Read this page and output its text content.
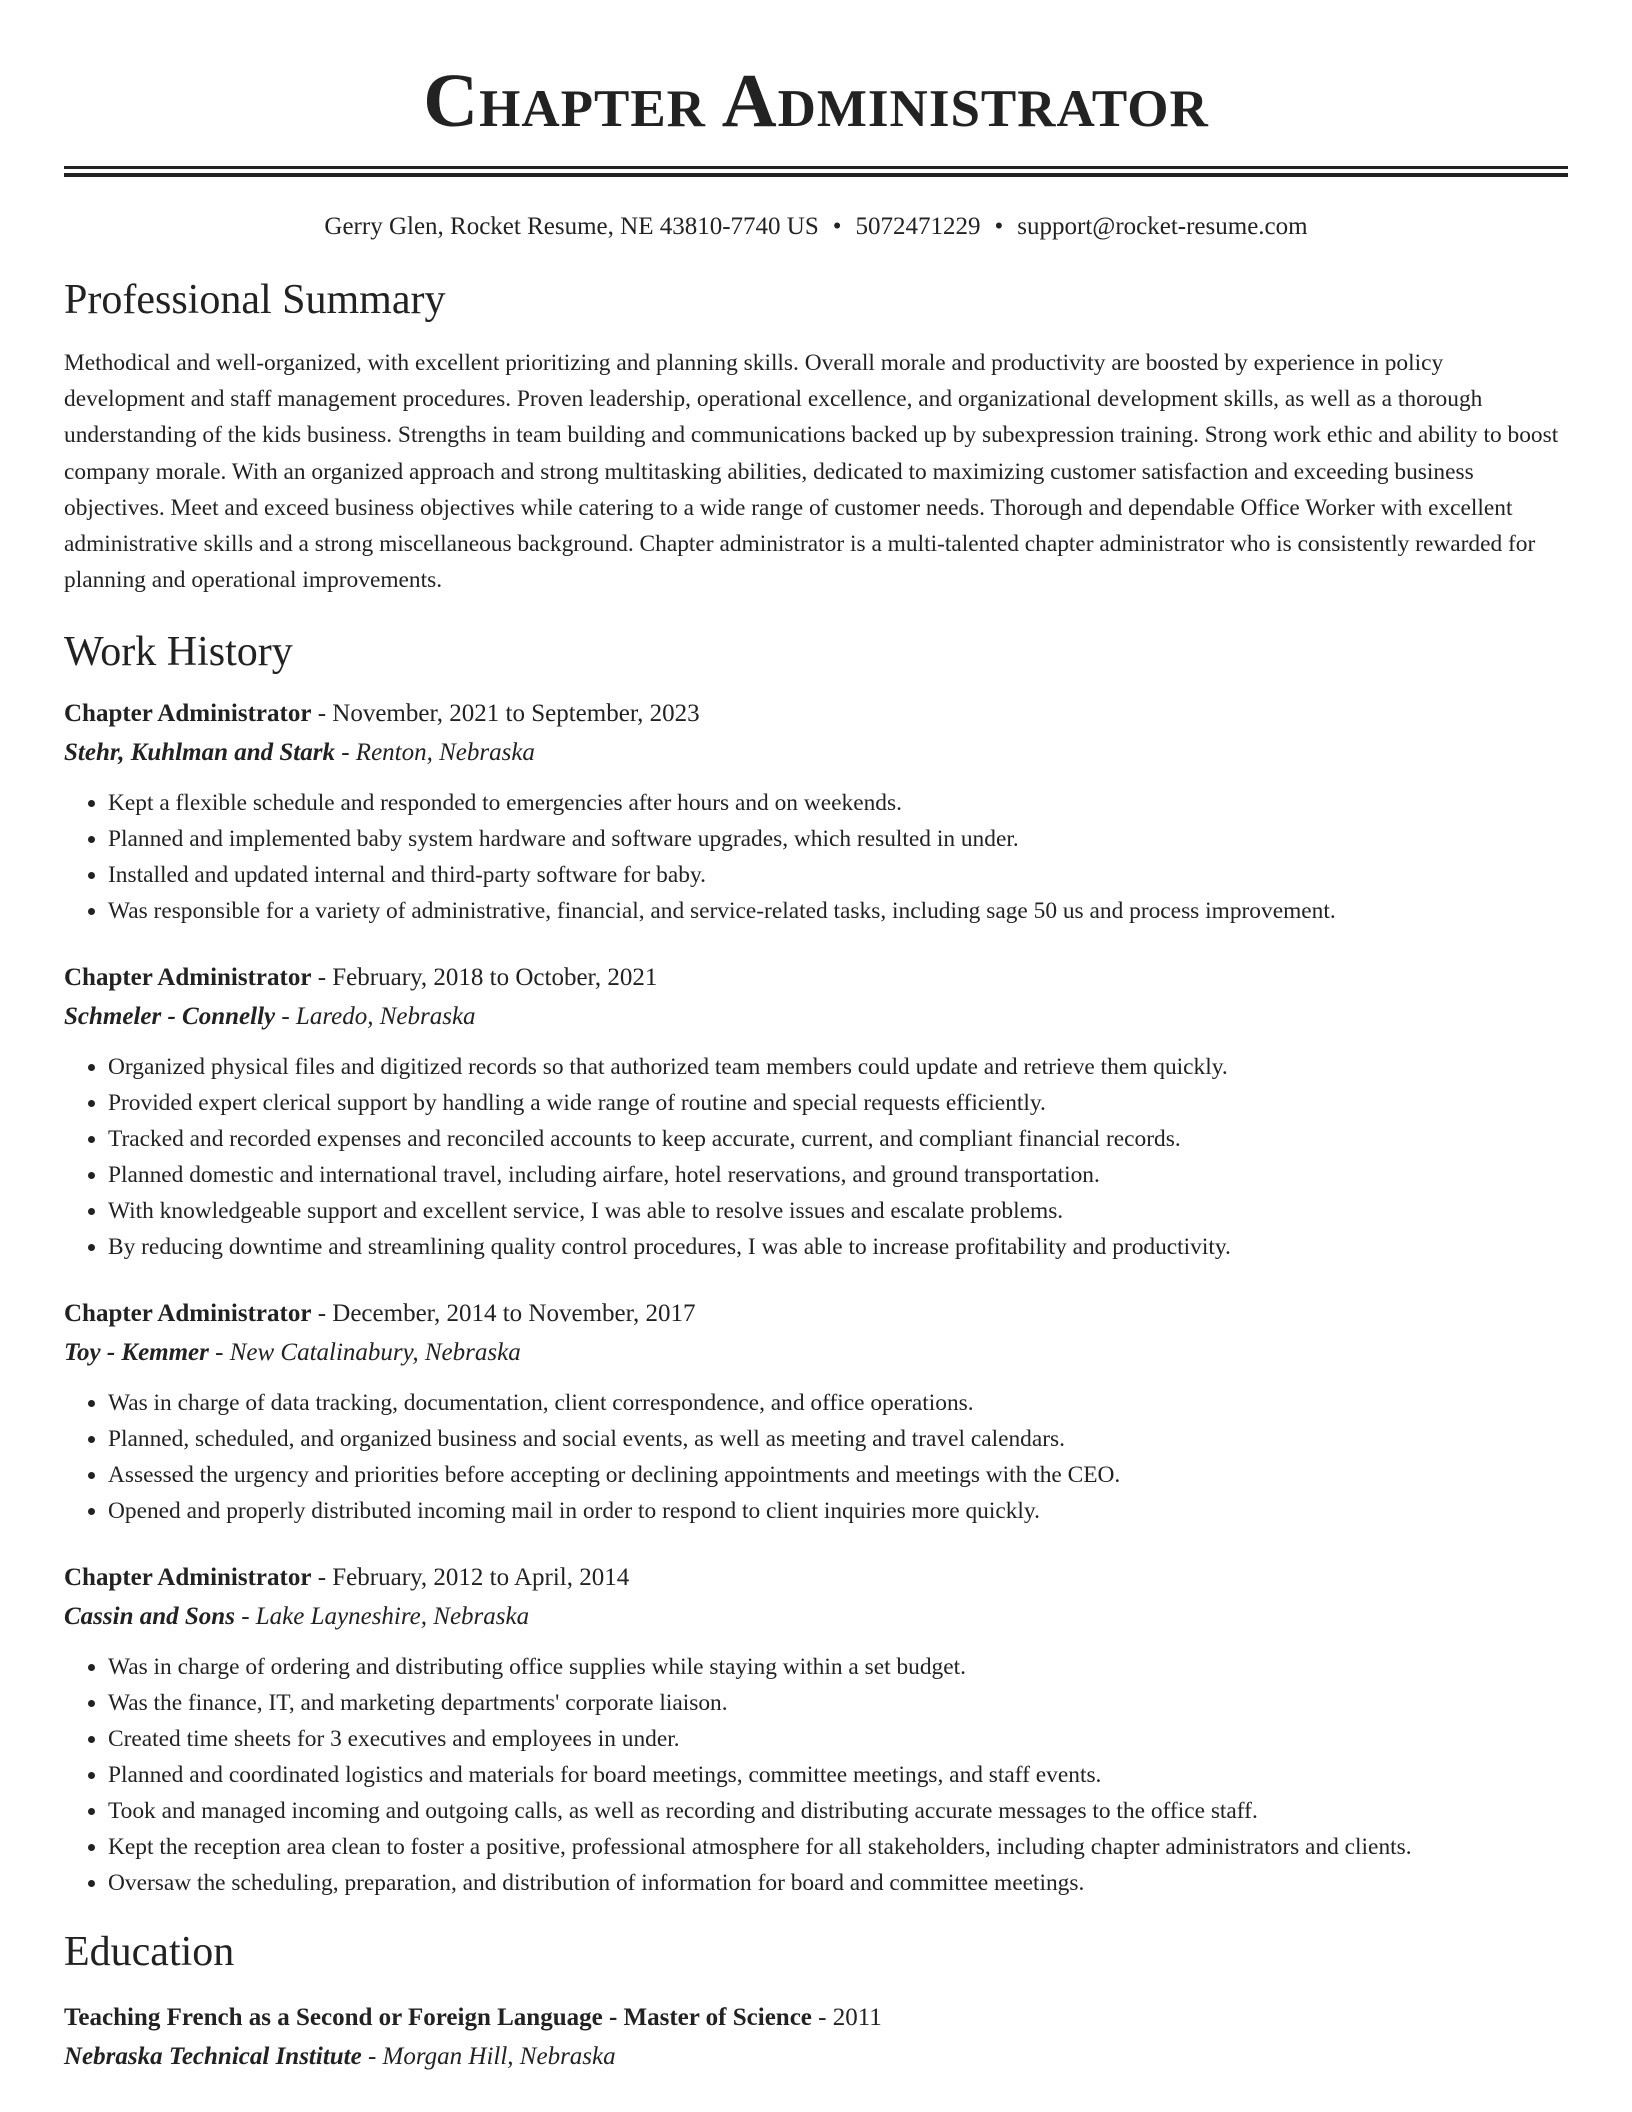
Chapter Administrator
Gerry Glen, Rocket Resume, NE 43810-7740 US • 5072471229 • support@rocket-resume.com
Professional Summary
Methodical and well-organized, with excellent prioritizing and planning skills. Overall morale and productivity are boosted by experience in policy development and staff management procedures. Proven leadership, operational excellence, and organizational development skills, as well as a thorough understanding of the kids business. Strengths in team building and communications backed up by subexpression training. Strong work ethic and ability to boost company morale. With an organized approach and strong multitasking abilities, dedicated to maximizing customer satisfaction and exceeding business objectives. Meet and exceed business objectives while catering to a wide range of customer needs. Thorough and dependable Office Worker with excellent administrative skills and a strong miscellaneous background. Chapter administrator is a multi-talented chapter administrator who is consistently rewarded for planning and operational improvements.
Work History
Chapter Administrator - November, 2021 to September, 2023
Stehr, Kuhlman and Stark - Renton, Nebraska
• Kept a flexible schedule and responded to emergencies after hours and on weekends.
• Planned and implemented baby system hardware and software upgrades, which resulted in under.
• Installed and updated internal and third-party software for baby.
• Was responsible for a variety of administrative, financial, and service-related tasks, including sage 50 us and process improvement.
Chapter Administrator - February, 2018 to October, 2021
Schmeler - Connelly - Laredo, Nebraska
• Organized physical files and digitized records so that authorized team members could update and retrieve them quickly.
• Provided expert clerical support by handling a wide range of routine and special requests efficiently.
• Tracked and recorded expenses and reconciled accounts to keep accurate, current, and compliant financial records.
• Planned domestic and international travel, including airfare, hotel reservations, and ground transportation.
• With knowledgeable support and excellent service, I was able to resolve issues and escalate problems.
• By reducing downtime and streamlining quality control procedures, I was able to increase profitability and productivity.
Chapter Administrator - December, 2014 to November, 2017
Toy - Kemmer - New Catalinabury, Nebraska
• Was in charge of data tracking, documentation, client correspondence, and office operations.
• Planned, scheduled, and organized business and social events, as well as meeting and travel calendars.
• Assessed the urgency and priorities before accepting or declining appointments and meetings with the CEO.
• Opened and properly distributed incoming mail in order to respond to client inquiries more quickly.
Chapter Administrator - February, 2012 to April, 2014
Cassin and Sons - Lake Layneshire, Nebraska
• Was in charge of ordering and distributing office supplies while staying within a set budget.
• Was the finance, IT, and marketing departments' corporate liaison.
• Created time sheets for 3 executives and employees in under.
• Planned and coordinated logistics and materials for board meetings, committee meetings, and staff events.
• Took and managed incoming and outgoing calls, as well as recording and distributing accurate messages to the office staff.
• Kept the reception area clean to foster a positive, professional atmosphere for all stakeholders, including chapter administrators and clients.
• Oversaw the scheduling, preparation, and distribution of information for board and committee meetings.
Education
Teaching French as a Second or Foreign Language - Master of Science - 2011
Nebraska Technical Institute - Morgan Hill, Nebraska
